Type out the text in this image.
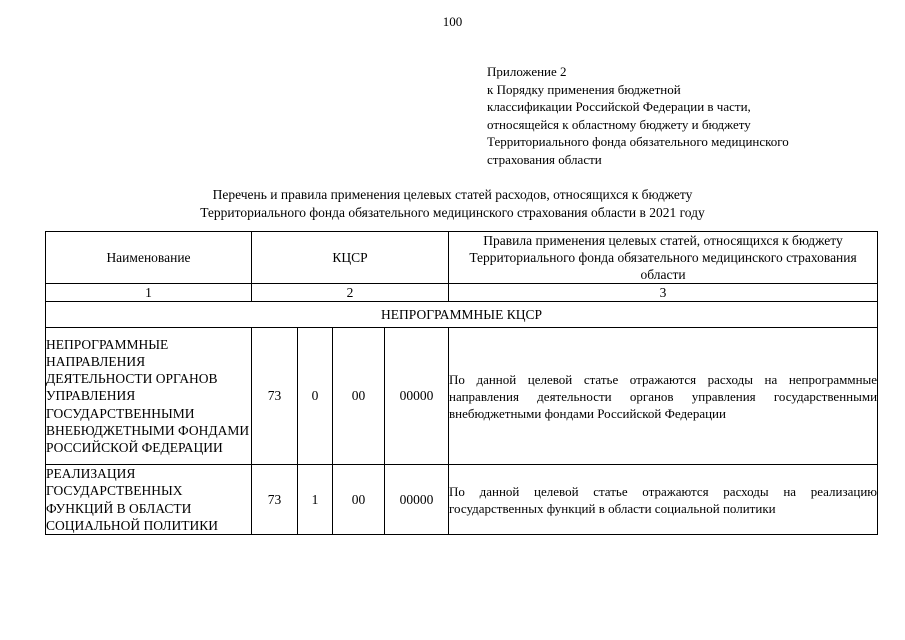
100
Приложение 2
к Порядку применения бюджетной
классификации Российской Федерации в части,
относящейся к областному бюджету и бюджету
Территориального фонда обязательного медицинского
страхования области
Перечень и правила применения целевых статей расходов, относящихся к бюджету
Территориального фонда обязательного медицинского страхования области в 2021 году
Наименование	КЦСР				Правила применения целевых статей, относящихся к бюджету Территориального фонда обязательного медицинского страхования области
1	2				3
НЕПРОГРАММНЫЕ КЦСР					
НЕПРОГРАММНЫЕ НАПРАВЛЕНИЯ ДЕЯТЕЛЬНОСТИ ОРГАНОВ УПРАВЛЕНИЯ ГОСУДАРСТВЕННЫМИ ВНЕБЮДЖЕТНЫМИ ФОНДАМИ РОССИЙСКОЙ ФЕДЕРАЦИИ	73	0	00	00000	По данной целевой статье отражаются расходы на непрограммные направления деятельности органов управления государственными внебюджетными фондами Российской Федерации

РЕАЛИЗАЦИЯ ГОСУДАРСТВЕННЫХ ФУНКЦИЙ В ОБЛАСТИ СОЦИАЛЬНОЙ ПОЛИТИКИ	73	1	00	00000	По данной целевой статье отражаются расходы на реализацию государственных функций в области социальной политики
